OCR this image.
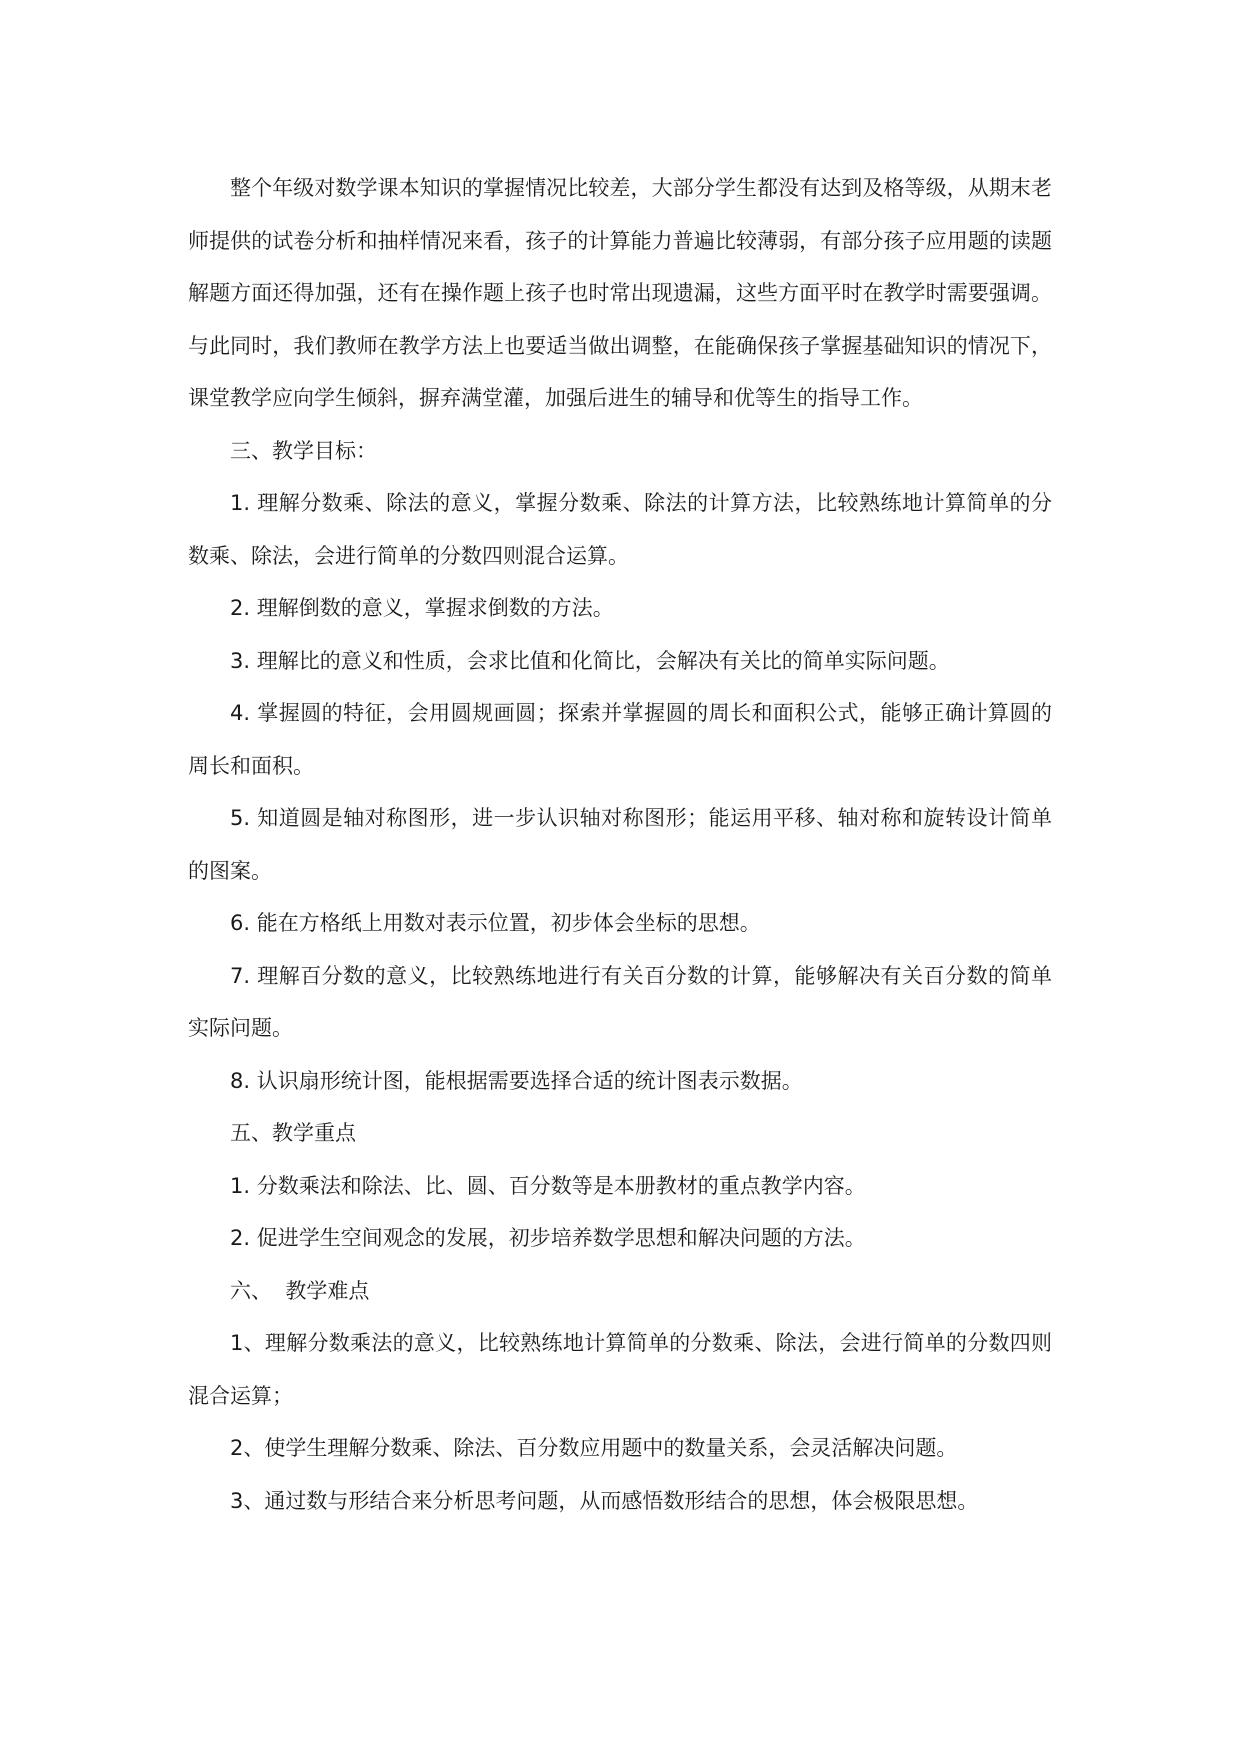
整个年级对数学课本知识的掌握情况比较差，大部分学生都没有达到及格等级，从期末老师提供的试卷分析和抽样情况来看，孩子的计算能力普遍比较薄弱，有部分孩子应用题的读题解题方面还得加强，还有在操作题上孩子也时常出现遗漏，这些方面平时在教学时需要强调。与此同时，我们教师在教学方法上也要适当做出调整，在能确保孩子掌握基础知识的情况下，课堂教学应向学生倾斜，摒弃满堂灌，加强后进生的辅导和优等生的指导工作。

三、教学目标：

1. 理解分数乘、除法的意义，掌握分数乘、除法的计算方法，比较熟练地计算简单的分数乘、除法，会进行简单的分数四则混合运算。

2. 理解倒数的意义，掌握求倒数的方法。

3. 理解比的意义和性质，会求比值和化简比，会解决有关比的简单实际问题。

4. 掌握圆的特征，会用圆规画圆；探索并掌握圆的周长和面积公式，能够正确计算圆的周长和面积。

5. 知道圆是轴对称图形，进一步认识轴对称图形；能运用平移、轴对称和旋转设计简单的图案。

6. 能在方格纸上用数对表示位置，初步体会坐标的思想。

7. 理解百分数的意义，比较熟练地进行有关百分数的计算，能够解决有关百分数的简单实际问题。

8. 认识扇形统计图，能根据需要选择合适的统计图表示数据。

五、教学重点

1. 分数乘法和除法、比、圆、百分数等是本册教材的重点教学内容。

2. 促进学生空间观念的发展，初步培养数学思想和解决问题的方法。

六、  教学难点

1、理解分数乘法的意义，比较熟练地计算简单的分数乘、除法，会进行简单的分数四则混合运算；

2、使学生理解分数乘、除法、百分数应用题中的数量关系，会灵活解决问题。

3、通过数与形结合来分析思考问题，从而感悟数形结合的思想，体会极限思想。
